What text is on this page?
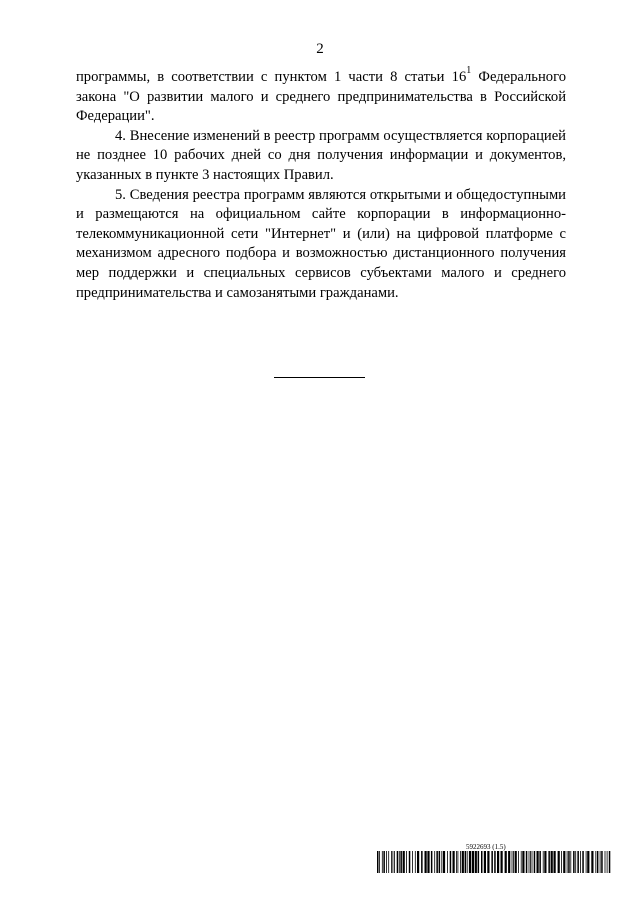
2

программы, в соответствии с пунктом 1 части 8 статьи $16^1$ Федерального закона "О развитии малого и среднего предпринимательства в Российской Федерации".

4. Внесение изменений в реестр программ осуществляется корпорацией не позднее 10 рабочих дней со дня получения информации и документов, указанных в пункте 3 настоящих Правил.

5. Сведения реестра программ являются открытыми и общедоступными и размещаются на официальном сайте корпорации в информационно-телекоммуникационной сети "Интернет" и (или) на цифровой платформе с механизмом адресного подбора и возможностью дистанционного получения мер поддержки и специальных сервисов субъектами малого и среднего предпринимательства и самозанятыми гражданами.

5922693 (1.5)
